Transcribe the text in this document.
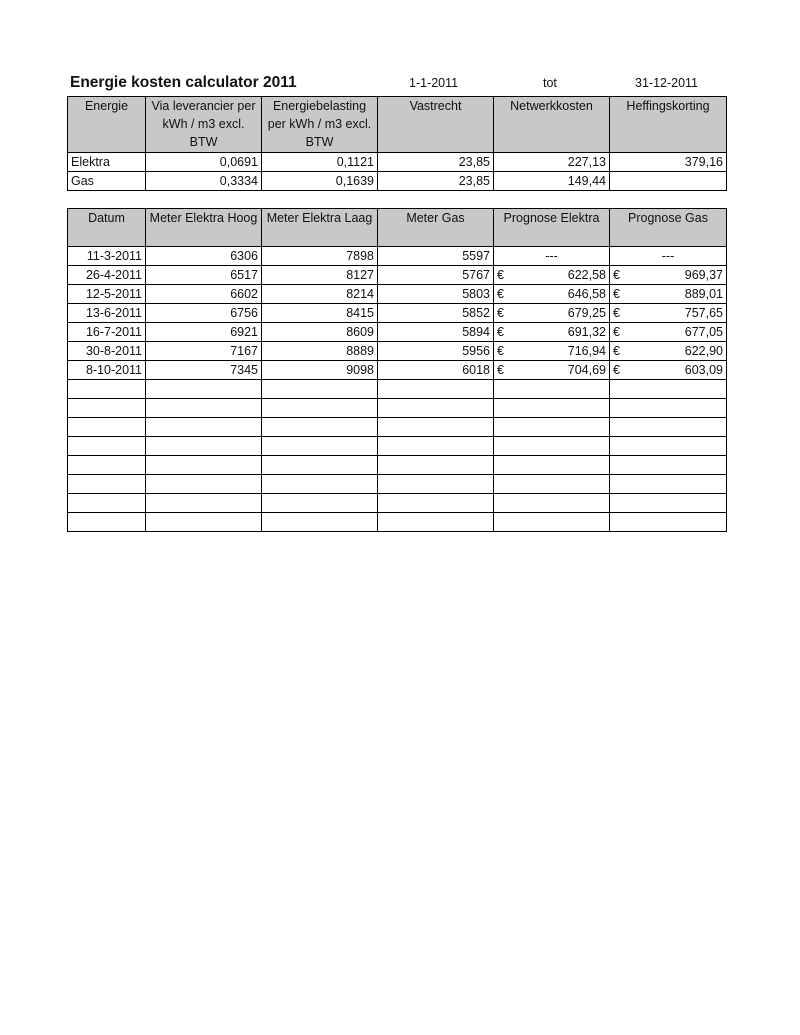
Energie kosten calculator 2011	1-1-2011	tot	31-12-2011
Energie	Via leverancier per kWh / m3 excl. BTW	Energiebelasting per kWh / m3 excl. BTW	Vastrecht	Netwerkkosten	Heffingskorting
Elektra	0,0691	0,1121	23,85	227,13	379,16
Gas	0,3334	0,1639	23,85	149,44	
Datum	Meter Elektra Hoog	Meter Elektra Laag	Meter Gas	Prognose Elektra	Prognose Gas
11-3-2011	6306	7898	5597	---	---
26-4-2011	6517	8127	5767	€ 622,58	€ 969,37

12-5-2011	6602	8214	5803	€ 646,58	€ 889,01

13-6-2011	6756	8415	5852	€ 679,25	€ 757,65

16-7-2011	6921	8609	5894	€ 691,32	€ 677,05

30-8-2011	7167	8889	5956	€ 716,94	€ 622,90

8-10-2011	7345	9098	6018	€ 704,69	€ 603,09
